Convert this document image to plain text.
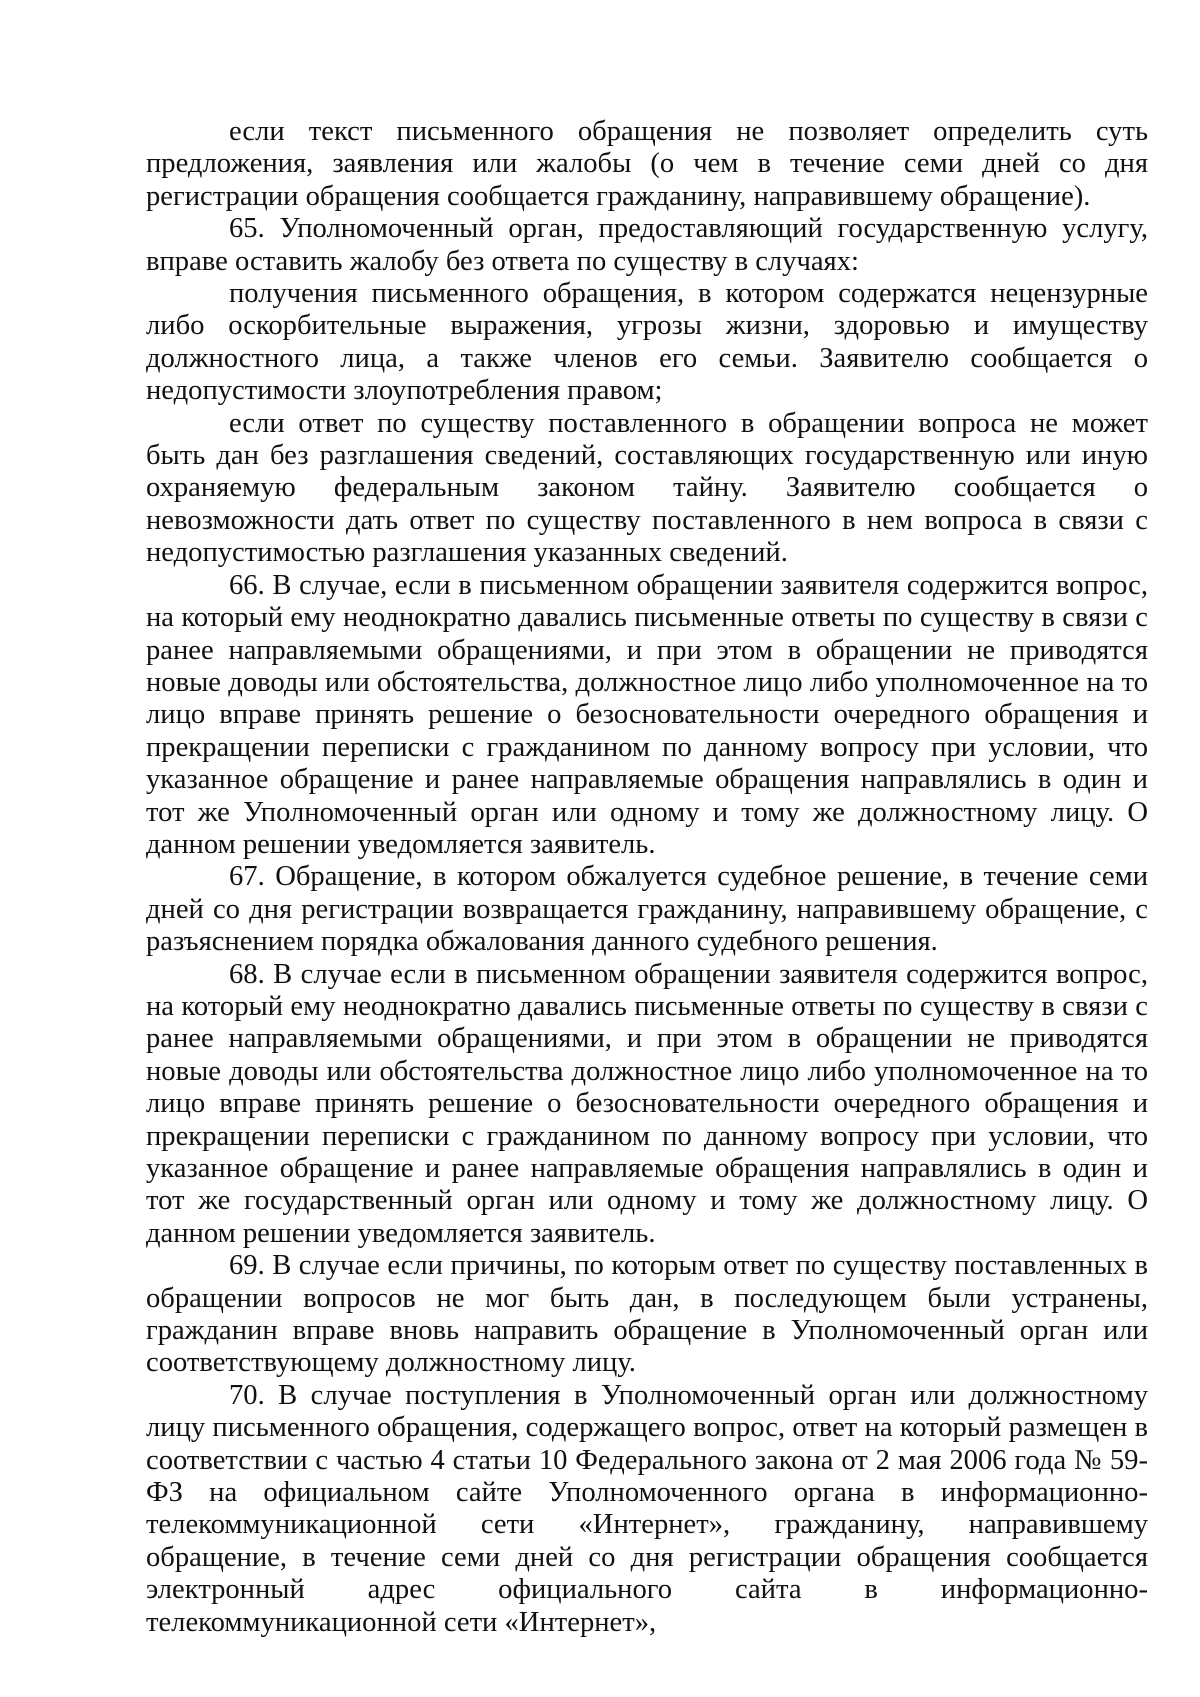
если текст письменного обращения не позволяет определить суть предложения, заявления или жалобы (о чем в течение семи дней со дня регистрации обращения сообщается гражданину, направившему обращение).

65. Уполномоченный орган, предоставляющий государственную услугу, вправе оставить жалобу без ответа по существу в случаях:

получения письменного обращения, в котором содержатся нецензурные либо оскорбительные выражения, угрозы жизни, здоровью и имуществу должностного лица, а также членов его семьи. Заявителю сообщается о недопустимости злоупотребления правом;

если ответ по существу поставленного в обращении вопроса не может быть дан без разглашения сведений, составляющих государственную или иную охраняемую федеральным законом тайну. Заявителю сообщается о невозможности дать ответ по существу поставленного в нем вопроса в связи с недопустимостью разглашения указанных сведений.

66. В случае, если в письменном обращении заявителя содержится вопрос, на который ему неоднократно давались письменные ответы по существу в связи с ранее направляемыми обращениями, и при этом в обращении не приводятся новые доводы или обстоятельства, должностное лицо либо уполномоченное на то лицо вправе принять решение о безосновательности очередного обращения и прекращении переписки с гражданином по данному вопросу при условии, что указанное обращение и ранее направляемые обращения направлялись в один и тот же Уполномоченный орган или одному и тому же должностному лицу. О данном решении уведомляется заявитель.

67. Обращение, в котором обжалуется судебное решение, в течение семи дней со дня регистрации возвращается гражданину, направившему обращение, с разъяснением порядка обжалования данного судебного решения.

68. В случае если в письменном обращении заявителя содержится вопрос, на который ему неоднократно давались письменные ответы по существу в связи с ранее направляемыми обращениями, и при этом в обращении не приводятся новые доводы или обстоятельства должностное лицо либо уполномоченное на то лицо вправе принять решение о безосновательности очередного обращения и прекращении переписки с гражданином по данному вопросу при условии, что указанное обращение и ранее направляемые обращения направлялись в один и тот же государственный орган или одному и тому же должностному лицу. О данном решении уведомляется заявитель.

69. В случае если причины, по которым ответ по существу поставленных в обращении вопросов не мог быть дан, в последующем были устранены, гражданин вправе вновь направить обращение в Уполномоченный орган или соответствующему должностному лицу.

70. В случае поступления в Уполномоченный орган или должностному лицу письменного обращения, содержащего вопрос, ответ на который размещен в соответствии с частью 4 статьи 10 Федерального закона от 2 мая 2006 года № 59-ФЗ на официальном сайте Уполномоченного органа в информационно-телекоммуникационной сети «Интернет», гражданину, направившему обращение, в течение семи дней со дня регистрации обращения сообщается электронный адрес официального сайта в информационно-телекоммуникационной сети «Интернет»,
